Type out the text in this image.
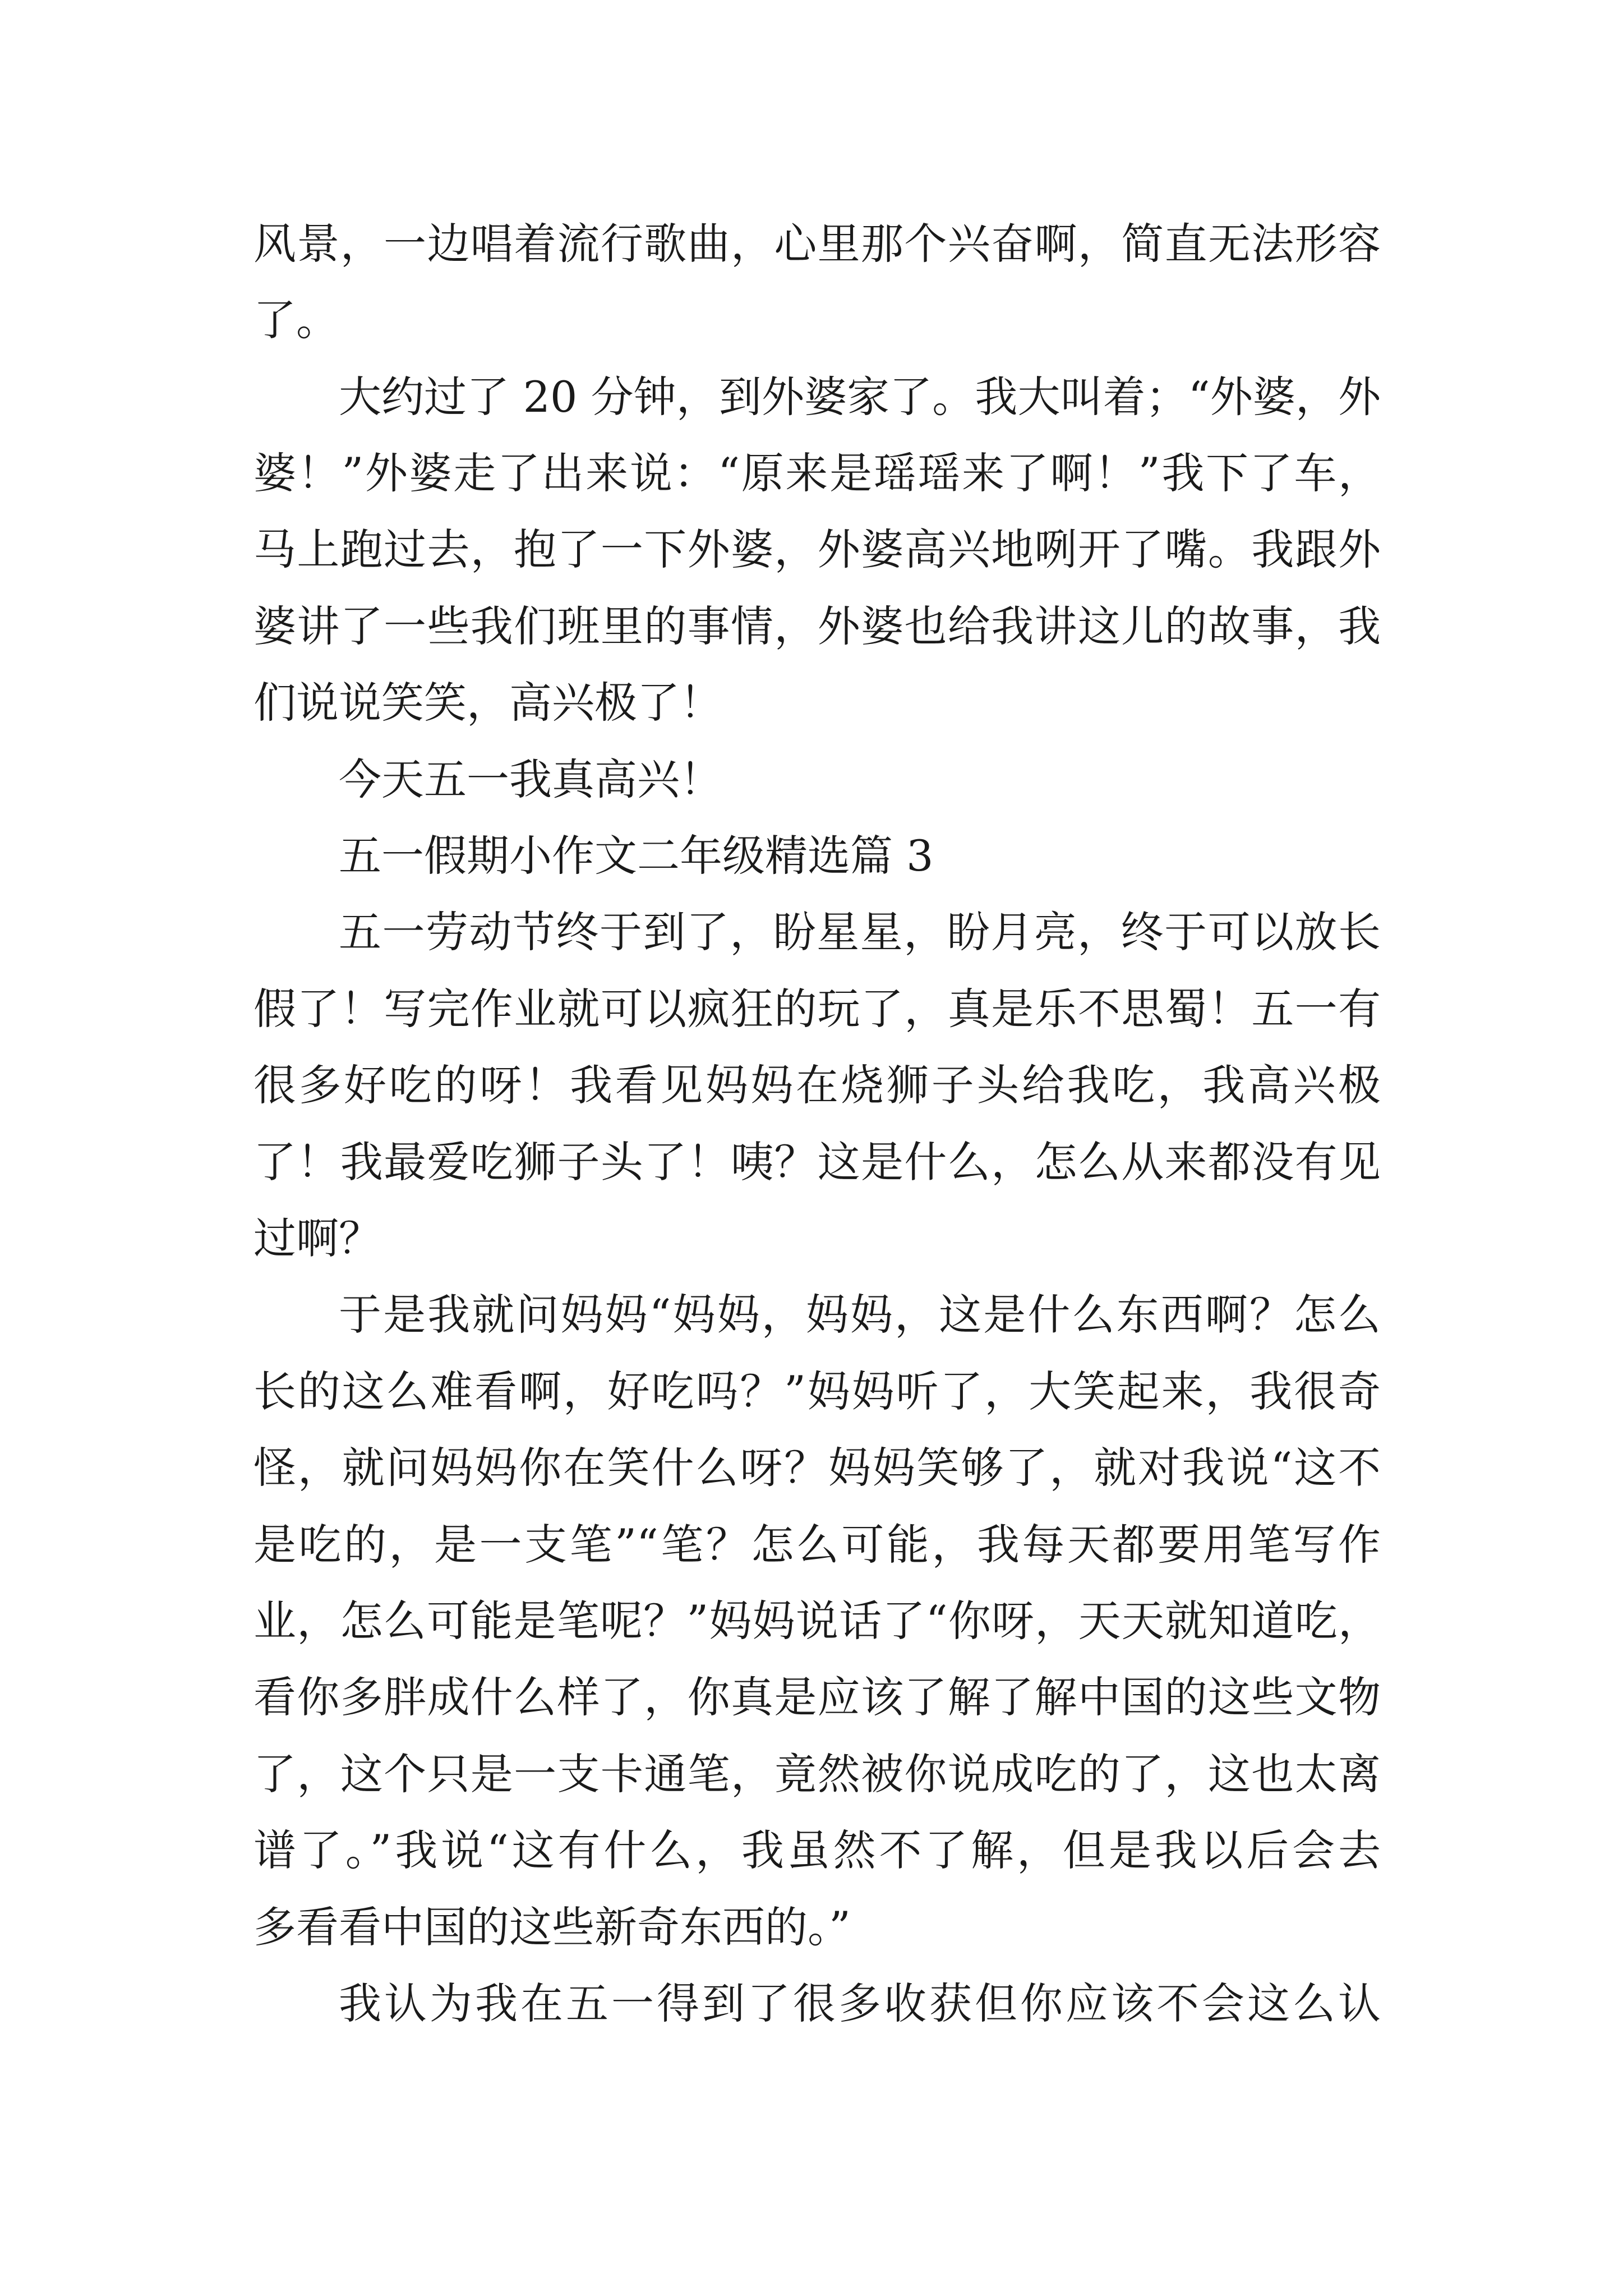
风景，一边唱着流行歌曲，心里那个兴奋啊，简直无法形容
了。
大约过了 20 分钟，到外婆家了。我大叫着；“外婆，外
婆！”外婆走了出来说：“原来是瑶瑶来了啊！”我下了车，
马上跑过去，抱了一下外婆，外婆高兴地咧开了嘴。我跟外
婆讲了一些我们班里的事情，外婆也给我讲这儿的故事，我
们说说笑笑，高兴极了！
今天五一我真高兴！
五一假期小作文二年级精选篇 3
五一劳动节终于到了，盼星星，盼月亮，终于可以放长
假了！写完作业就可以疯狂的玩了，真是乐不思蜀！五一有
很多好吃的呀！我看见妈妈在烧狮子头给我吃，我高兴极
了！我最爱吃狮子头了！咦？这是什么，怎么从来都没有见
过啊？
于是我就问妈妈“妈妈，妈妈，这是什么东西啊？怎么
长的这么难看啊，好吃吗？”妈妈听了，大笑起来，我很奇
怪，就问妈妈你在笑什么呀？妈妈笑够了，就对我说“这不
是吃的，是一支笔”“笔？怎么可能，我每天都要用笔写作
业，怎么可能是笔呢？”妈妈说话了“你呀，天天就知道吃，
看你多胖成什么样了，你真是应该了解了解中国的这些文物
了，这个只是一支卡通笔，竟然被你说成吃的了，这也太离
谱了。”我说“这有什么，我虽然不了解，但是我以后会去
多看看中国的这些新奇东西的。”
我认为我在五一得到了很多收获但你应该不会这么认
